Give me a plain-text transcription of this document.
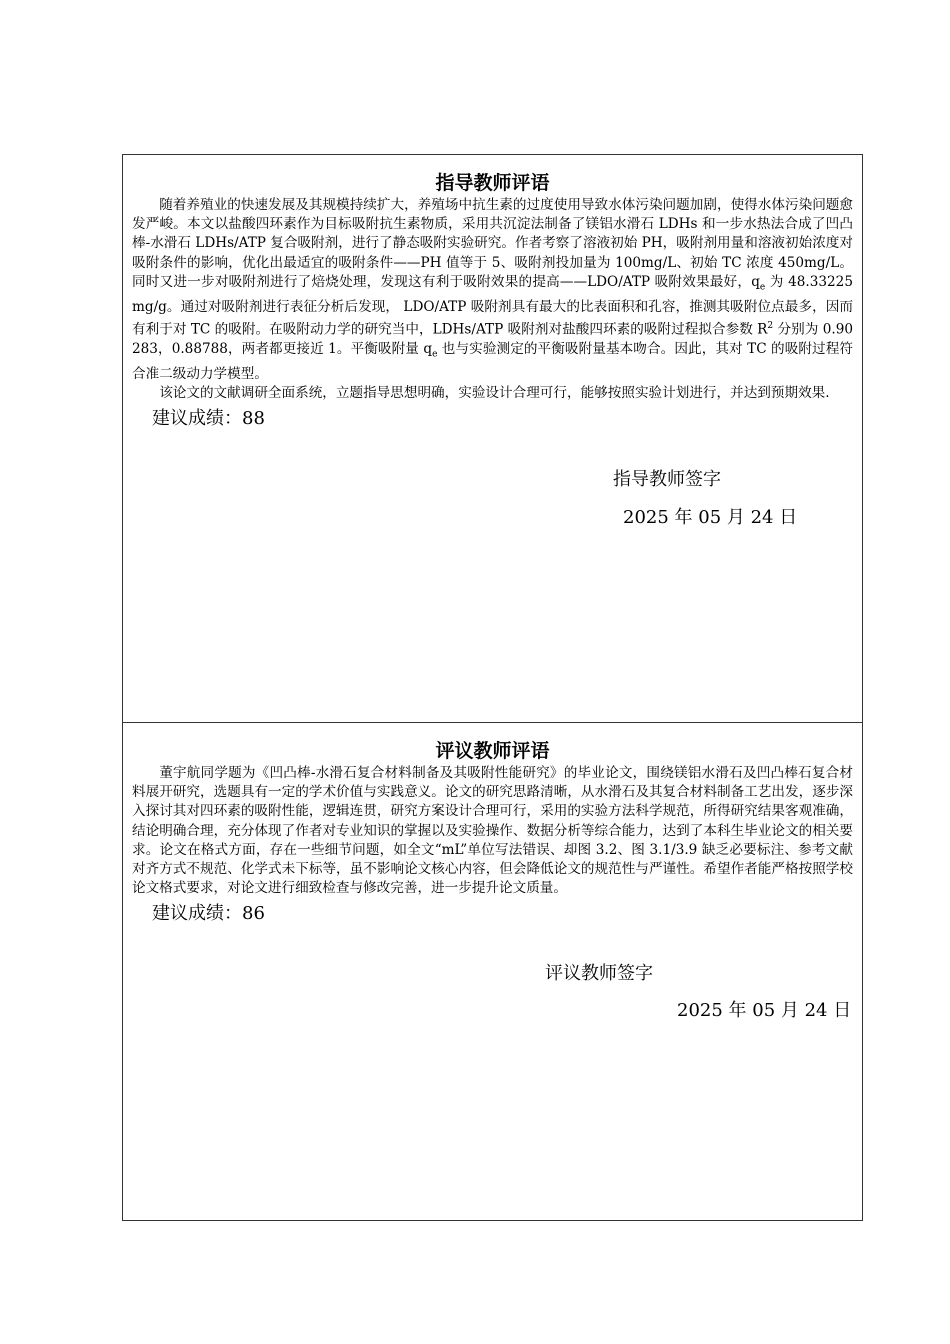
指导教师评语

随着养殖业的快速发展及其规模持续扩大，养殖场中抗生素的过度使用导致水体污染问题加剧，使得水体污染问题愈发严峻。本文以盐酸四环素作为目标吸附抗生素物质，采用共沉淀法制备了镁铝水滑石 LDHs 和一步水热法合成了凹凸棒-水滑石 LDHs/ATP 复合吸附剂，进行了静态吸附实验研究。作者考察了溶液初始 PH，吸附剂用量和溶液初始浓度对吸附条件的影响，优化出最适宜的吸附条件——PH 值等于 5、吸附剂投加量为 100mg/L、初始 TC 浓度 450mg/L。同时又进一步对吸附剂进行了焙烧处理，发现这有利于吸附效果的提高——LDO/ATP 吸附效果最好，$q_e$ 为 48.33225mg/g。通过对吸附剂进行表征分析后发现， LDO/ATP 吸附剂具有最大的比表面积和孔容，推测其吸附位点最多，因而有利于对 TC 的吸附。在吸附动力学的研究当中，LDHs/ATP 吸附剂对盐酸四环素的吸附过程拟合参数 $R^2$ 分别为 0.90283，0.88788，两者都更接近 1。平衡吸附量 $q_e$ 也与实验测定的平衡吸附量基本吻合。因此，其对 TC 的吸附过程符合准二级动力学模型。

该论文的文献调研全面系统，立题指导思想明确，实验设计合理可行，能够按照实验计划进行，并达到预期效果.

建议成绩：88
指导教师签字
2025 年 05 月 24 日
评议教师评语

董宇航同学题为《凹凸棒-水滑石复合材料制备及其吸附性能研究》的毕业论文，围绕镁铝水滑石及凹凸棒石复合材料展开研究，选题具有一定的学术价值与实践意义。论文的研究思路清晰，从水滑石及其复合材料制备工艺出发，逐步深入探讨其对四环素的吸附性能，逻辑连贯，研究方案设计合理可行，采用的实验方法科学规范，所得研究结果客观准确，结论明确合理，充分体现了作者对专业知识的掌握以及实验操作、数据分析等综合能力，达到了本科生毕业论文的相关要求。论文在格式方面，存在一些细节问题，如全文“mL”单位写法错误、却图 3.2、图 3.1/3.9 缺乏必要标注、参考文献对齐方式不规范、化学式未下标等，虽不影响论文核心内容，但会降低论文的规范性与严谨性。希望作者能严格按照学校论文格式要求，对论文进行细致检查与修改完善，进一步提升论文质量。

建议成绩：86
评议教师签字
2025 年 05 月 24 日
